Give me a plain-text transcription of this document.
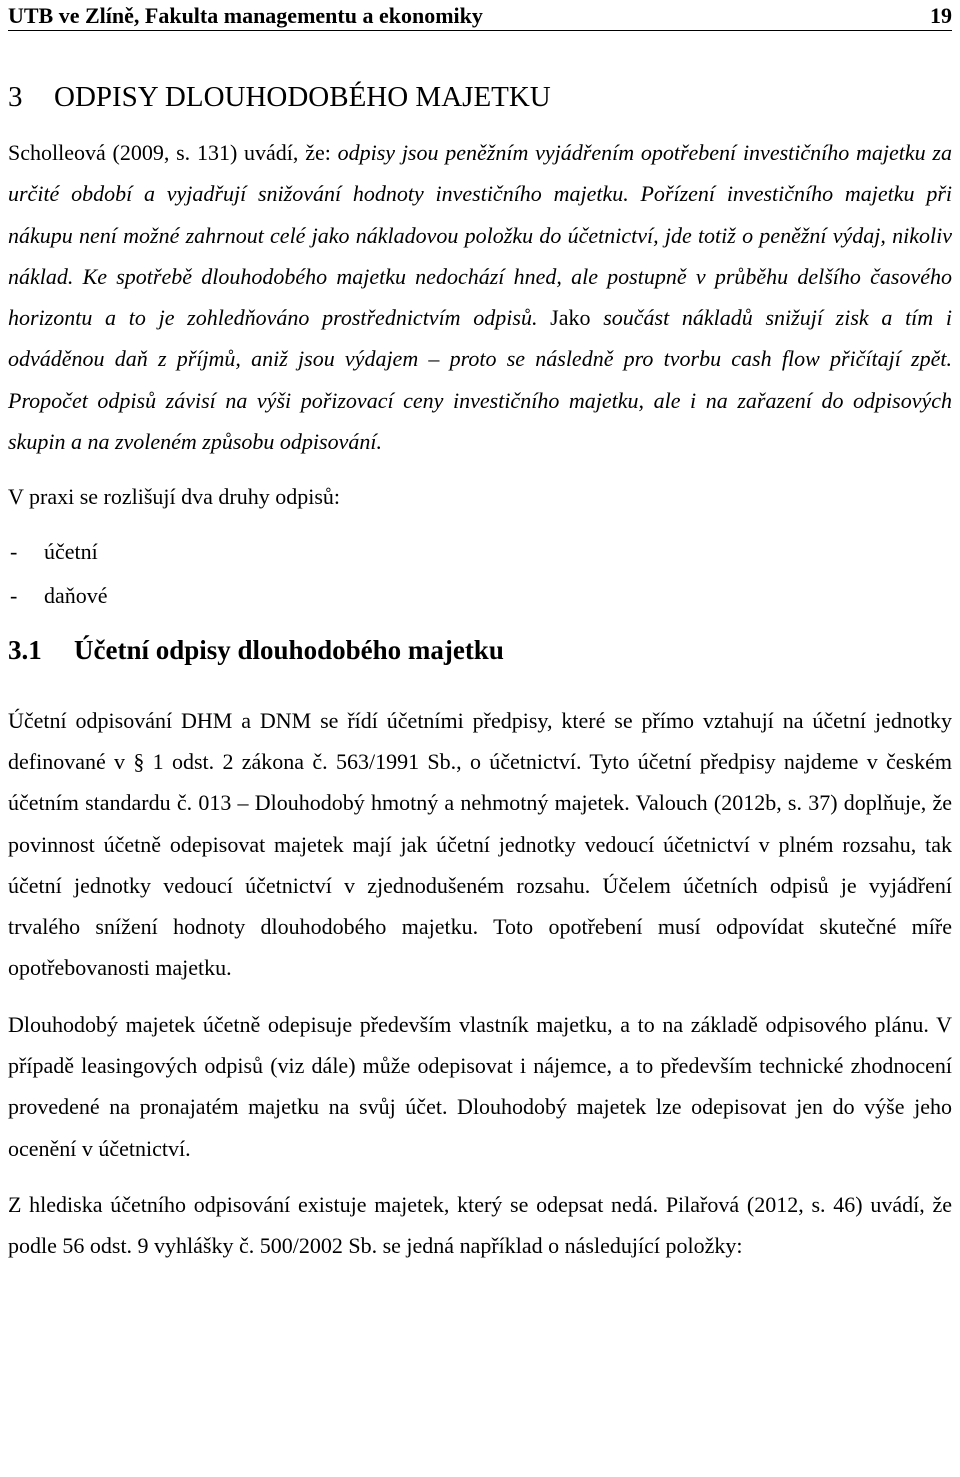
UTB ve Zlíně, Fakulta managementu a ekonomiky	19
3 ODPISY DLOUHODOBÉHO MAJETKU

Scholleová (2009, s. 131) uvádí, že: odpisy jsou peněžním vyjádřením opotřebení investičního majetku za určité období a vyjadřují snižování hodnoty investičního majetku. Pořízení investičního majetku při nákupu není možné zahrnout celé jako nákladovou položku do účetnictví, jde totiž o peněžní výdaj, nikoliv náklad. Ke spotřebě dlouhodobého majetku nedochází hned, ale postupně v průběhu delšího časového horizontu a to je zohledňováno prostřednictvím odpisů. Jako součást nákladů snižují zisk a tím i odváděnou daň z příjmů, aniž jsou výdajem – proto se následně pro tvorbu cash flow přičítají zpět. Propočet odpisů závisí na výši pořizovací ceny investičního majetku, ale i na zařazení do odpisových skupin a na zvoleném způsobu odpisování.

V praxi se rozlišují dva druhy odpisů:

-	účetní
-	daňové
3.1 Účetní odpisy dlouhodobého majetku

Účetní odpisování DHM a DNM se řídí účetními předpisy, které se přímo vztahují na účetní jednotky definované v § 1 odst. 2 zákona č. 563/1991 Sb., o účetnictví. Tyto účetní předpisy najdeme v českém účetním standardu č. 013 – Dlouhodobý hmotný a nehmotný majetek. Valouch (2012b, s. 37) doplňuje, že povinnost účetně odepisovat majetek mají jak účetní jednotky vedoucí účetnictví v plném rozsahu, tak účetní jednotky vedoucí účetnictví v zjednodušeném rozsahu. Účelem účetních odpisů je vyjádření trvalého snížení hodnoty dlouhodobého majetku. Toto opotřebení musí odpovídat skutečné míře opotřebovanosti majetku.

Dlouhodobý majetek účetně odepisuje především vlastník majetku, a to na základě odpisového plánu. V případě leasingových odpisů (viz dále) může odepisovat i nájemce, a to především technické zhodnocení provedené na pronajatém majetku na svůj účet. Dlouhodobý majetek lze odepisovat jen do výše jeho ocenění v účetnictví.

Z hlediska účetního odpisování existuje majetek, který se odepsat nedá. Pilařová (2012, s. 46) uvádí, že podle 56 odst. 9 vyhlášky č. 500/2002 Sb. se jedná například o následující položky:
